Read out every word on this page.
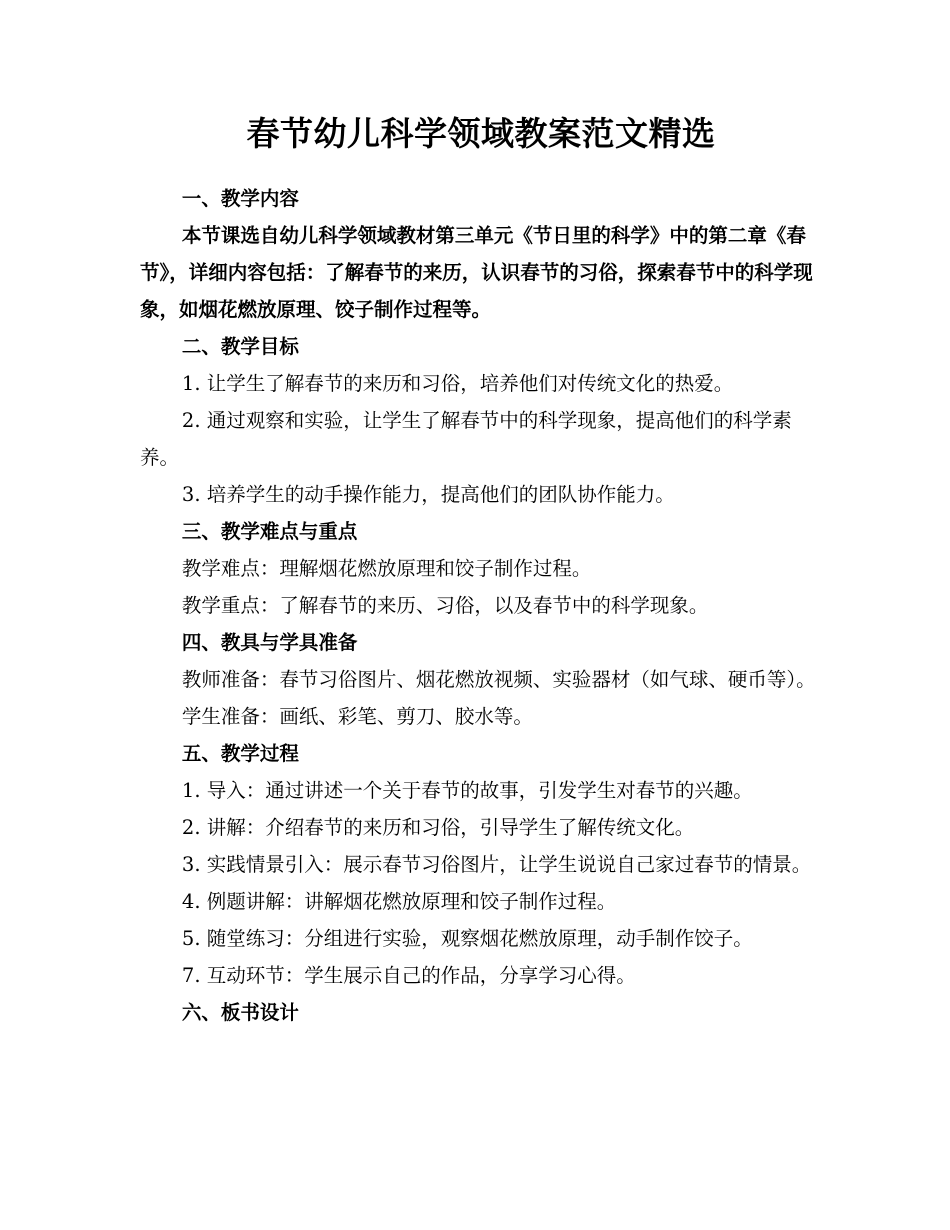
春节幼儿科学领域教案范文精选

一、教学内容

本节课选自幼儿科学领域教材第三单元《节日里的科学》中的第二章《春节》，详细内容包括：了解春节的来历，认识春节的习俗，探索春节中的科学现象，如烟花燃放原理、饺子制作过程等。

二、教学目标

1. 让学生了解春节的来历和习俗，培养他们对传统文化的热爱。

2. 通过观察和实验，让学生了解春节中的科学现象，提高他们的科学素养。

3. 培养学生的动手操作能力，提高他们的团队协作能力。

三、教学难点与重点

教学难点：理解烟花燃放原理和饺子制作过程。

教学重点：了解春节的来历、习俗，以及春节中的科学现象。

四、教具与学具准备

教师准备：春节习俗图片、烟花燃放视频、实验器材（如气球、硬币等）。

学生准备：画纸、彩笔、剪刀、胶水等。

五、教学过程

1. 导入：通过讲述一个关于春节的故事，引发学生对春节的兴趣。

2. 讲解：介绍春节的来历和习俗，引导学生了解传统文化。

3. 实践情景引入：展示春节习俗图片，让学生说说自己家过春节的情景。

4. 例题讲解：讲解烟花燃放原理和饺子制作过程。

5. 随堂练习：分组进行实验，观察烟花燃放原理，动手制作饺子。

7. 互动环节：学生展示自己的作品，分享学习心得。

六、板书设计
